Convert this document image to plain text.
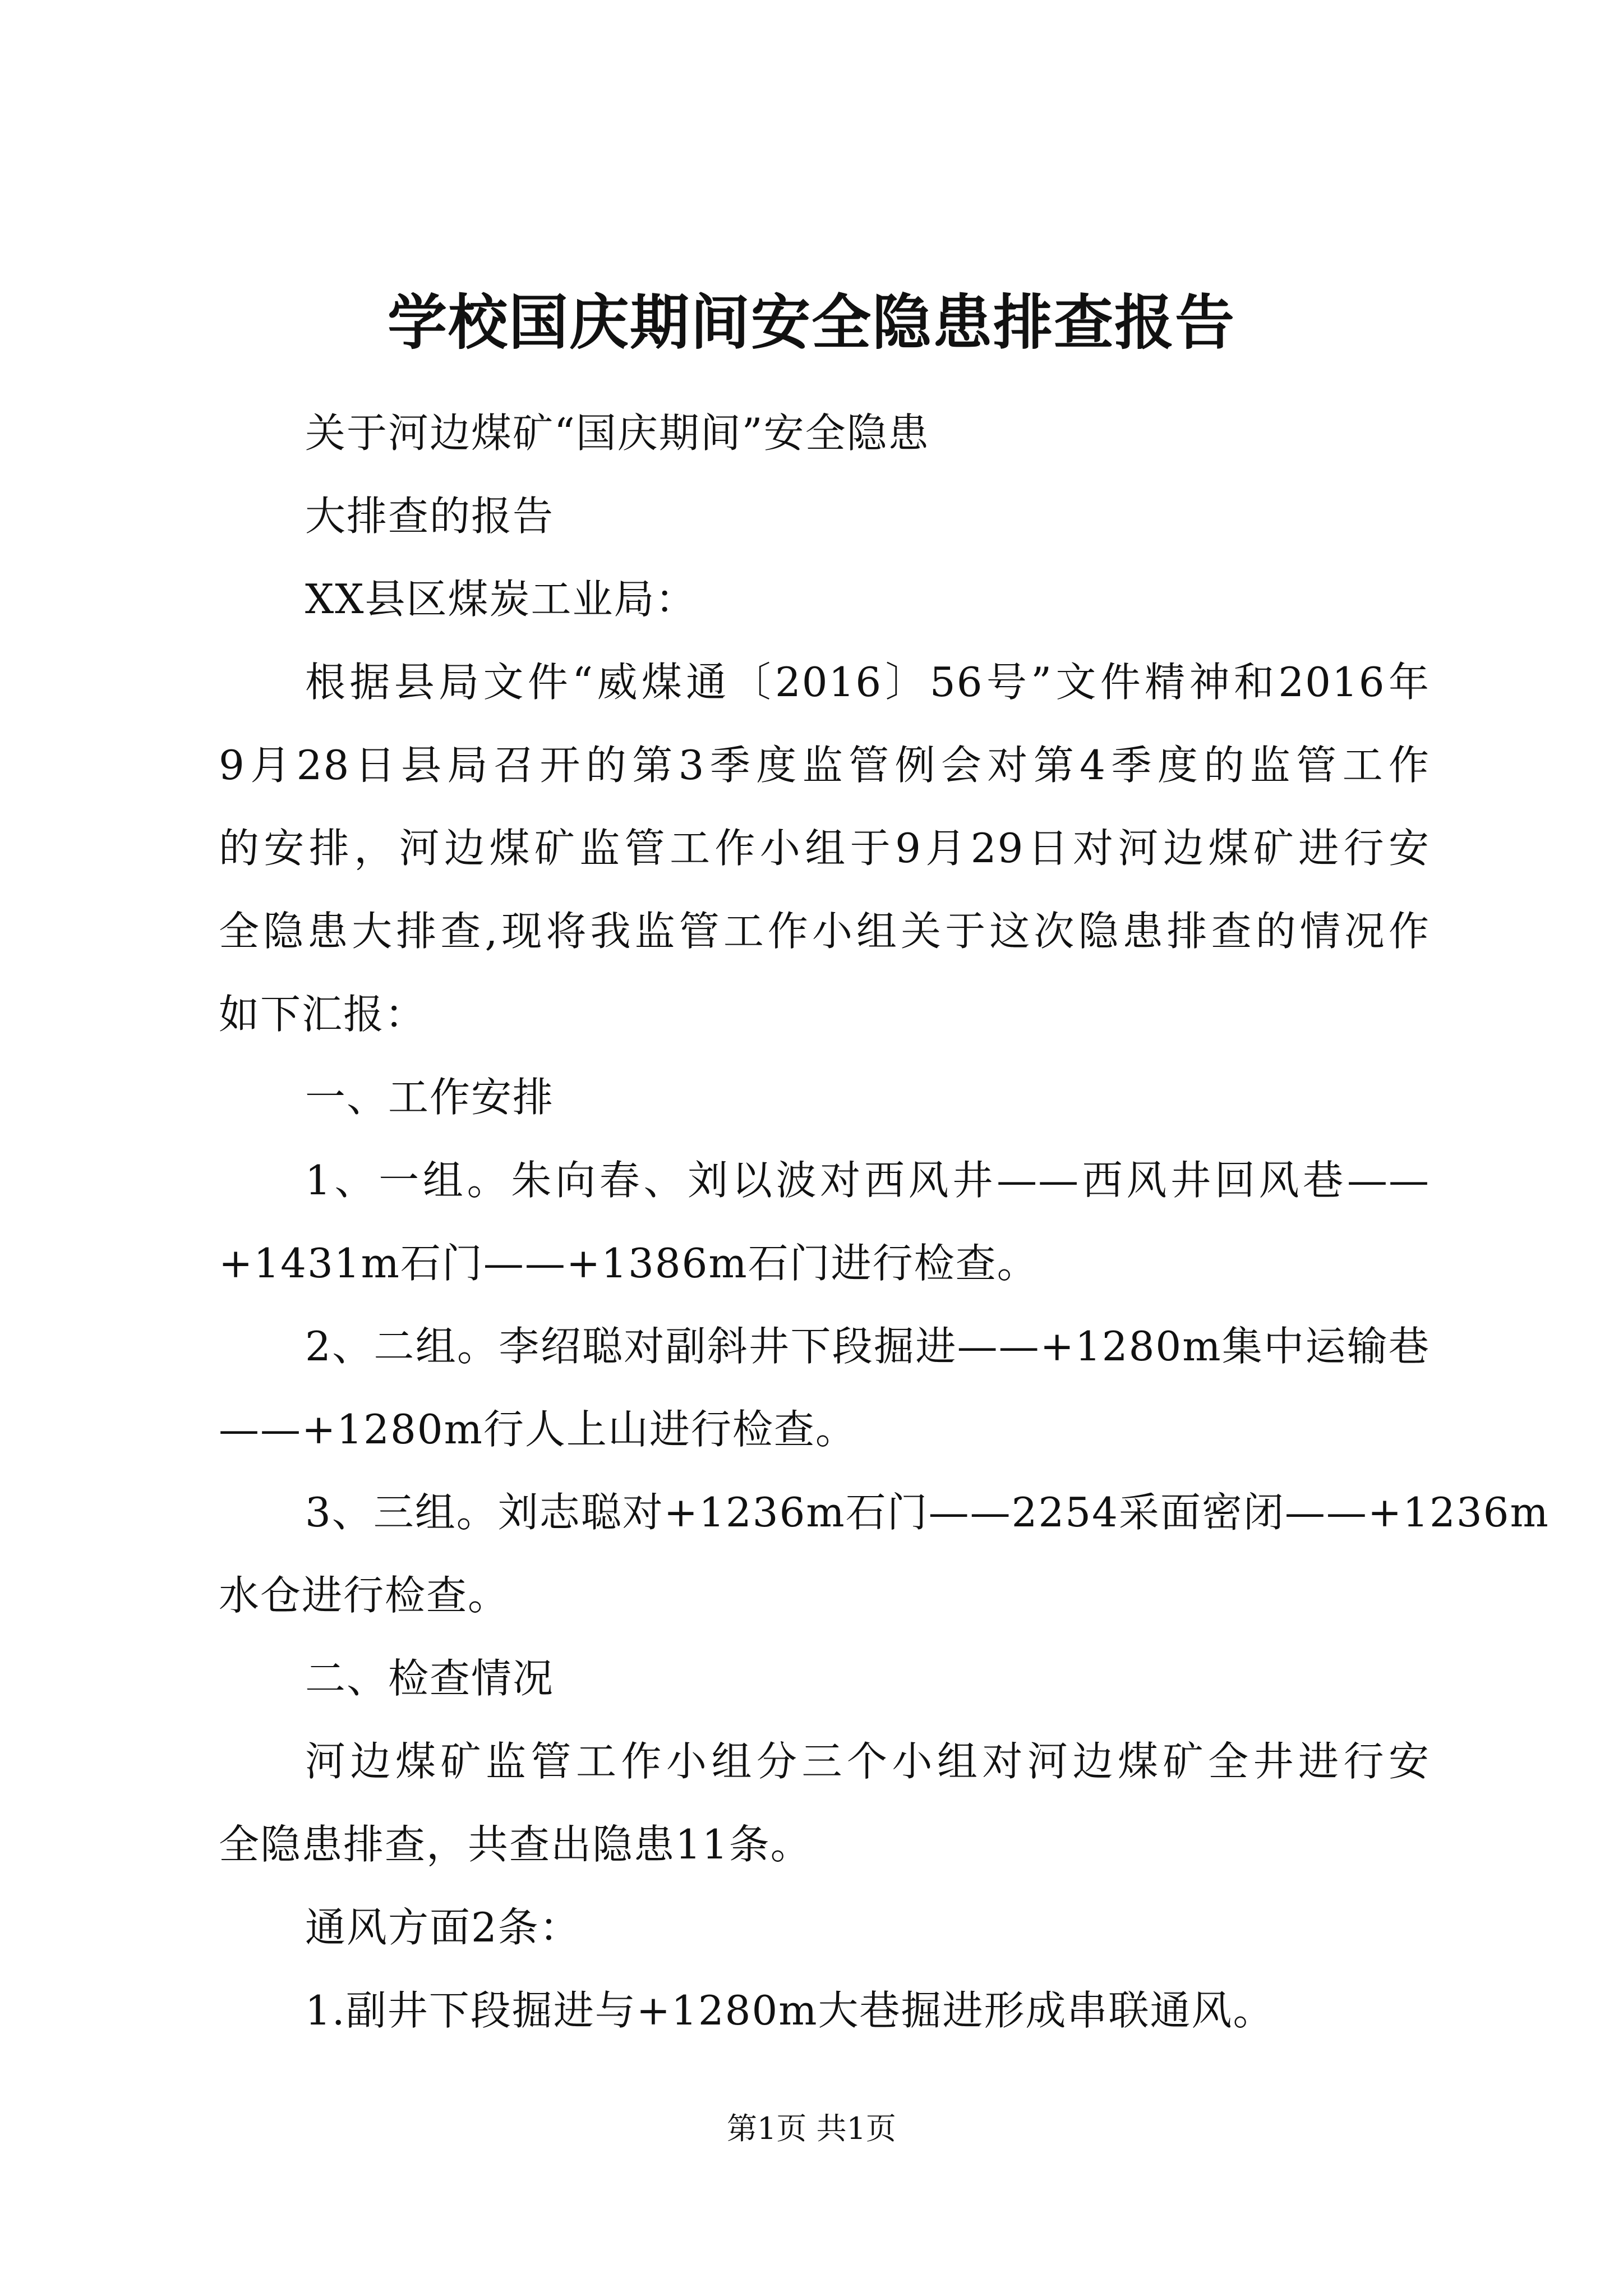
学校国庆期间安全隐患排查报告

关于河边煤矿“国庆期间”安全隐患

大排查的报告

XX县区煤炭工业局：

根据县局文件“威煤通〔2016〕56号”文件精神和2016年
9月28日县局召开的第3季度监管例会对第4季度的监管工作
的安排，河边煤矿监管工作小组于9月29日对河边煤矿进行安
全隐患大排查,现将我监管工作小组关于这次隐患排查的情况作
如下汇报：

一、工作安排

1、一组。朱向春、刘以波对西风井——西风井回风巷——
+1431m石门——+1386m石门进行检查。

2、二组。李绍聪对副斜井下段掘进——+1280m集中运输巷
——+1280m行人上山进行检查。

3、三组。刘志聪对+1236m石门——2254采面密闭——+1236m
水仓进行检查。

二、检查情况

河边煤矿监管工作小组分三个小组对河边煤矿全井进行安
全隐患排查，共查出隐患11条。

通风方面2条：

1.副井下段掘进与+1280m大巷掘进形成串联通风。

第1页 共1页
